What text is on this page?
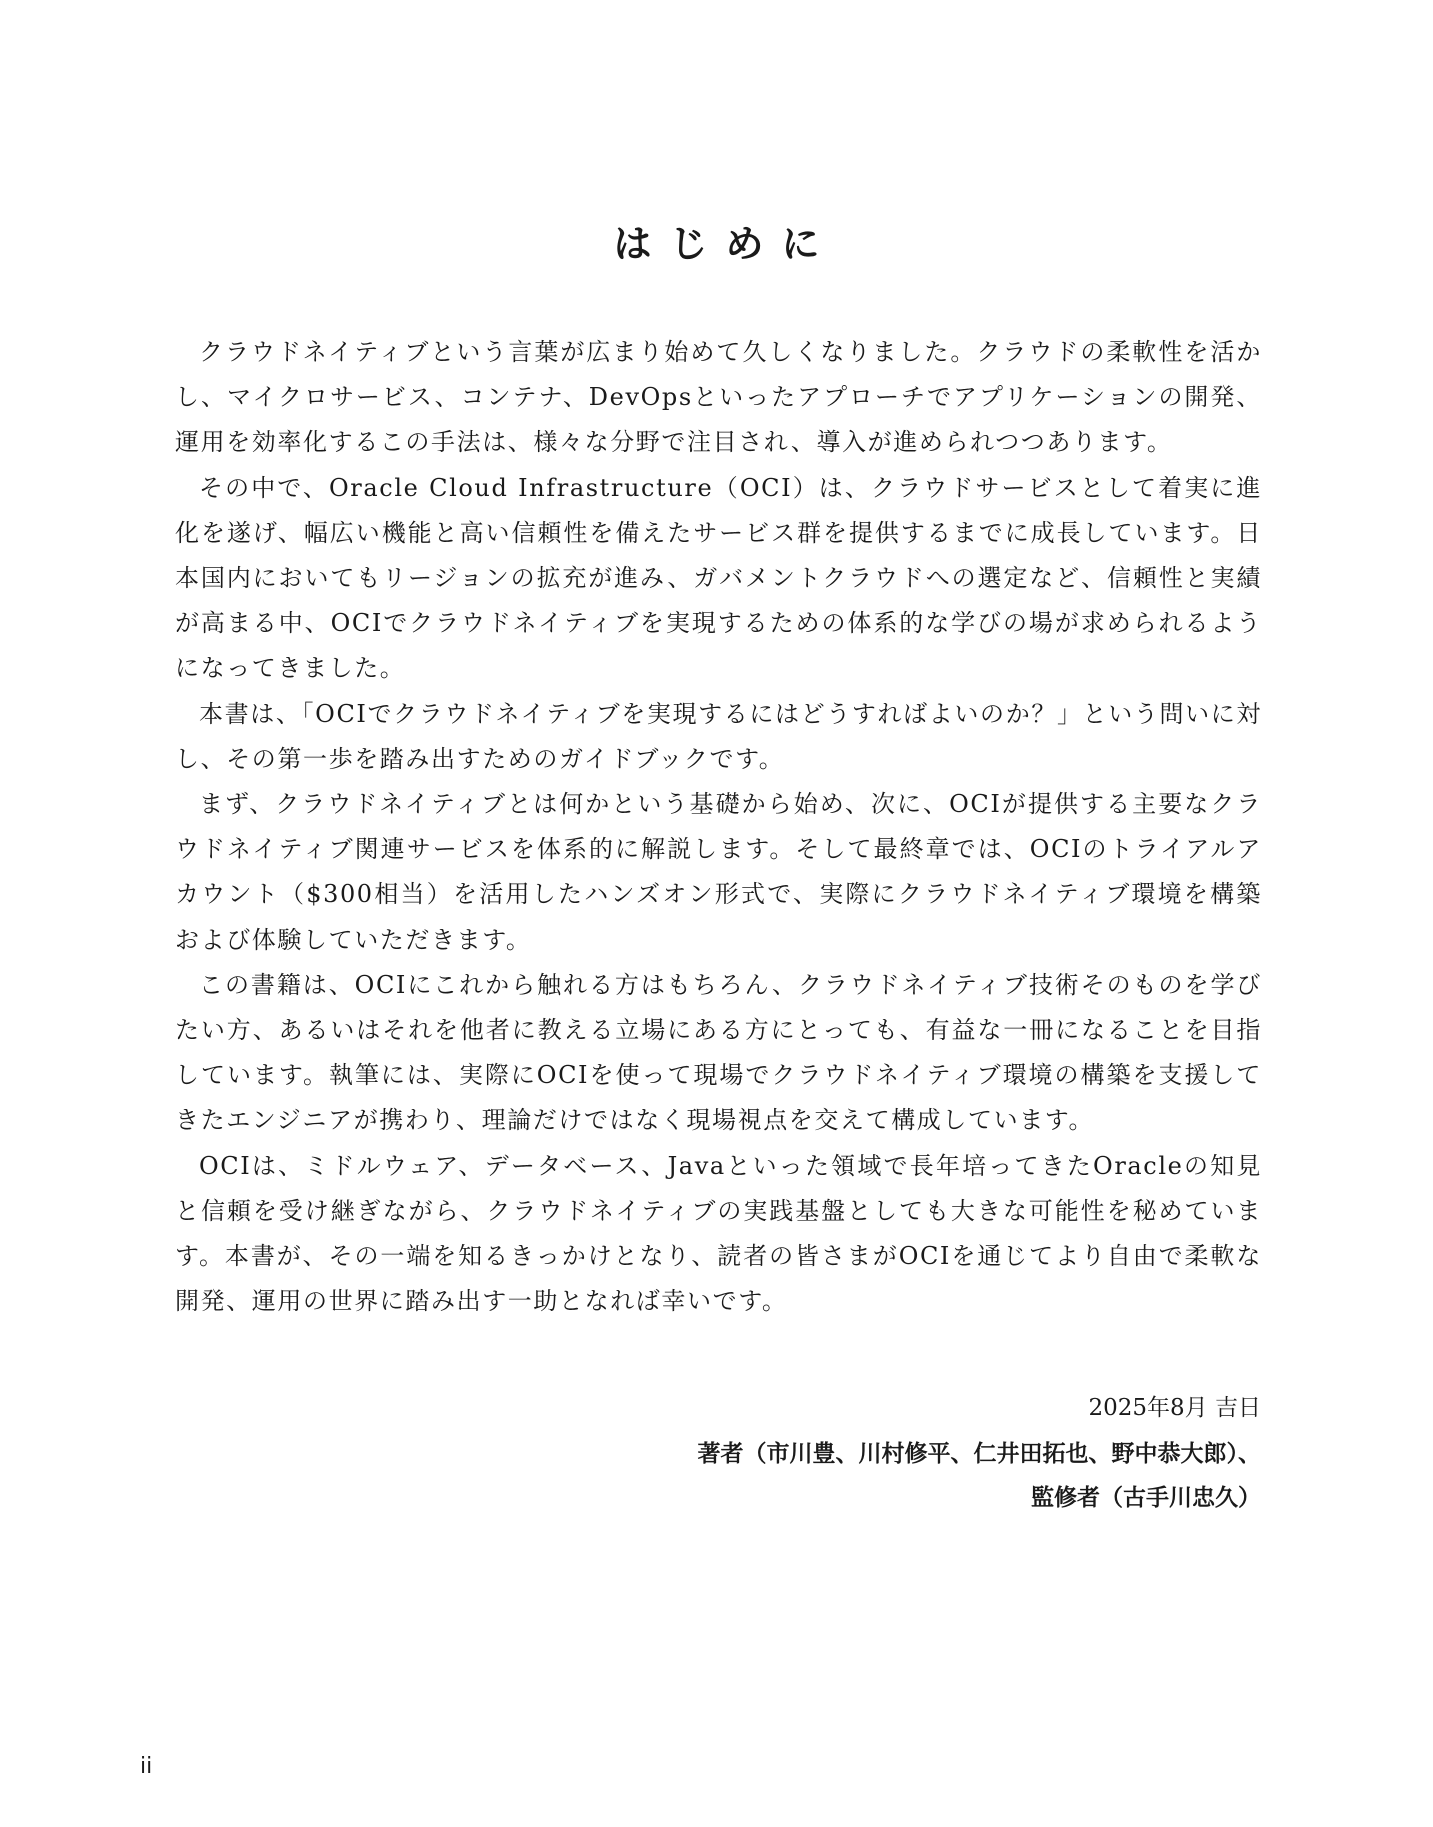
はじめに

クラウドネイティブという言葉が広まり始めて久しくなりました。クラウドの柔軟性を活かし、マイクロサービス、コンテナ、DevOpsといったアプローチでアプリケーションの開発、運用を効率化するこの手法は、様々な分野で注目され、導入が進められつつあります。

その中で、Oracle Cloud Infrastructure（OCI）は、クラウドサービスとして着実に進化を遂げ、幅広い機能と高い信頼性を備えたサービス群を提供するまでに成長しています。日本国内においてもリージョンの拡充が進み、ガバメントクラウドへの選定など、信頼性と実績が高まる中、OCIでクラウドネイティブを実現するための体系的な学びの場が求められるようになってきました。

本書は、「OCIでクラウドネイティブを実現するにはどうすればよいのか？」という問いに対し、その第一歩を踏み出すためのガイドブックです。

まず、クラウドネイティブとは何かという基礎から始め、次に、OCIが提供する主要なクラウドネイティブ関連サービスを体系的に解説します。そして最終章では、OCIのトライアルアカウント（$300相当）を活用したハンズオン形式で、実際にクラウドネイティブ環境を構築および体験していただきます。

この書籍は、OCIにこれから触れる方はもちろん、クラウドネイティブ技術そのものを学びたい方、あるいはそれを他者に教える立場にある方にとっても、有益な一冊になることを目指しています。執筆には、実際にOCIを使って現場でクラウドネイティブ環境の構築を支援してきたエンジニアが携わり、理論だけではなく現場視点を交えて構成しています。

OCIは、ミドルウェア、データベース、Javaといった領域で長年培ってきたOracleの知見と信頼を受け継ぎながら、クラウドネイティブの実践基盤としても大きな可能性を秘めています。本書が、その一端を知るきっかけとなり、読者の皆さまがOCIを通じてより自由で柔軟な開発、運用の世界に踏み出す一助となれば幸いです。

2025年8月 吉日
著者（市川豊、川村修平、仁井田拓也、野中恭大郎）、
監修者（古手川忠久）
ii
